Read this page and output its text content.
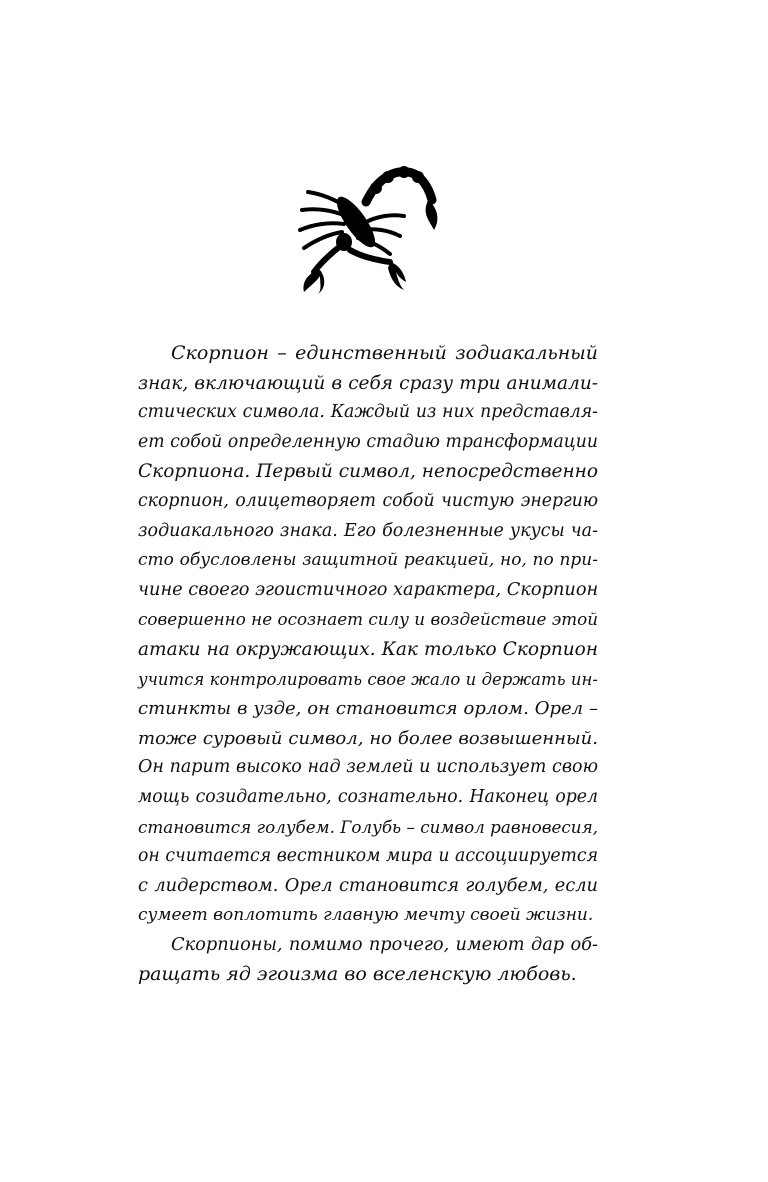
Скорпион – единственный зодиакальный
знак, включающий в себя сразу три анимали-
стических символа. Каждый из них представля-
ет собой определенную стадию трансформации
Скорпиона. Первый символ, непосредственно
скорпион, олицетворяет собой чистую энергию
зодиакального знака. Его болезненные укусы ча-
сто обусловлены защитной реакцией, но, по при-
чине своего эгоистичного характера, Скорпион
совершенно не осознает силу и воздействие этой
атаки на окружающих. Как только Скорпион
учится контролировать свое жало и держать ин-
стинкты в узде, он становится орлом. Орел –
тоже суровый символ, но более возвышенный.
Он парит высоко над землей и использует свою
мощь созидательно, сознательно. Наконец орел
становится голубем. Голубь – символ равновесия,
он считается вестником мира и ассоциируетcя
с лидерством. Орел становится голубем, если
сумеет воплотить главную мечту своей жизни.
Скорпионы, помимо прочего, имеют дар об-
ращать яд эгоизма во вселенскую любовь.
